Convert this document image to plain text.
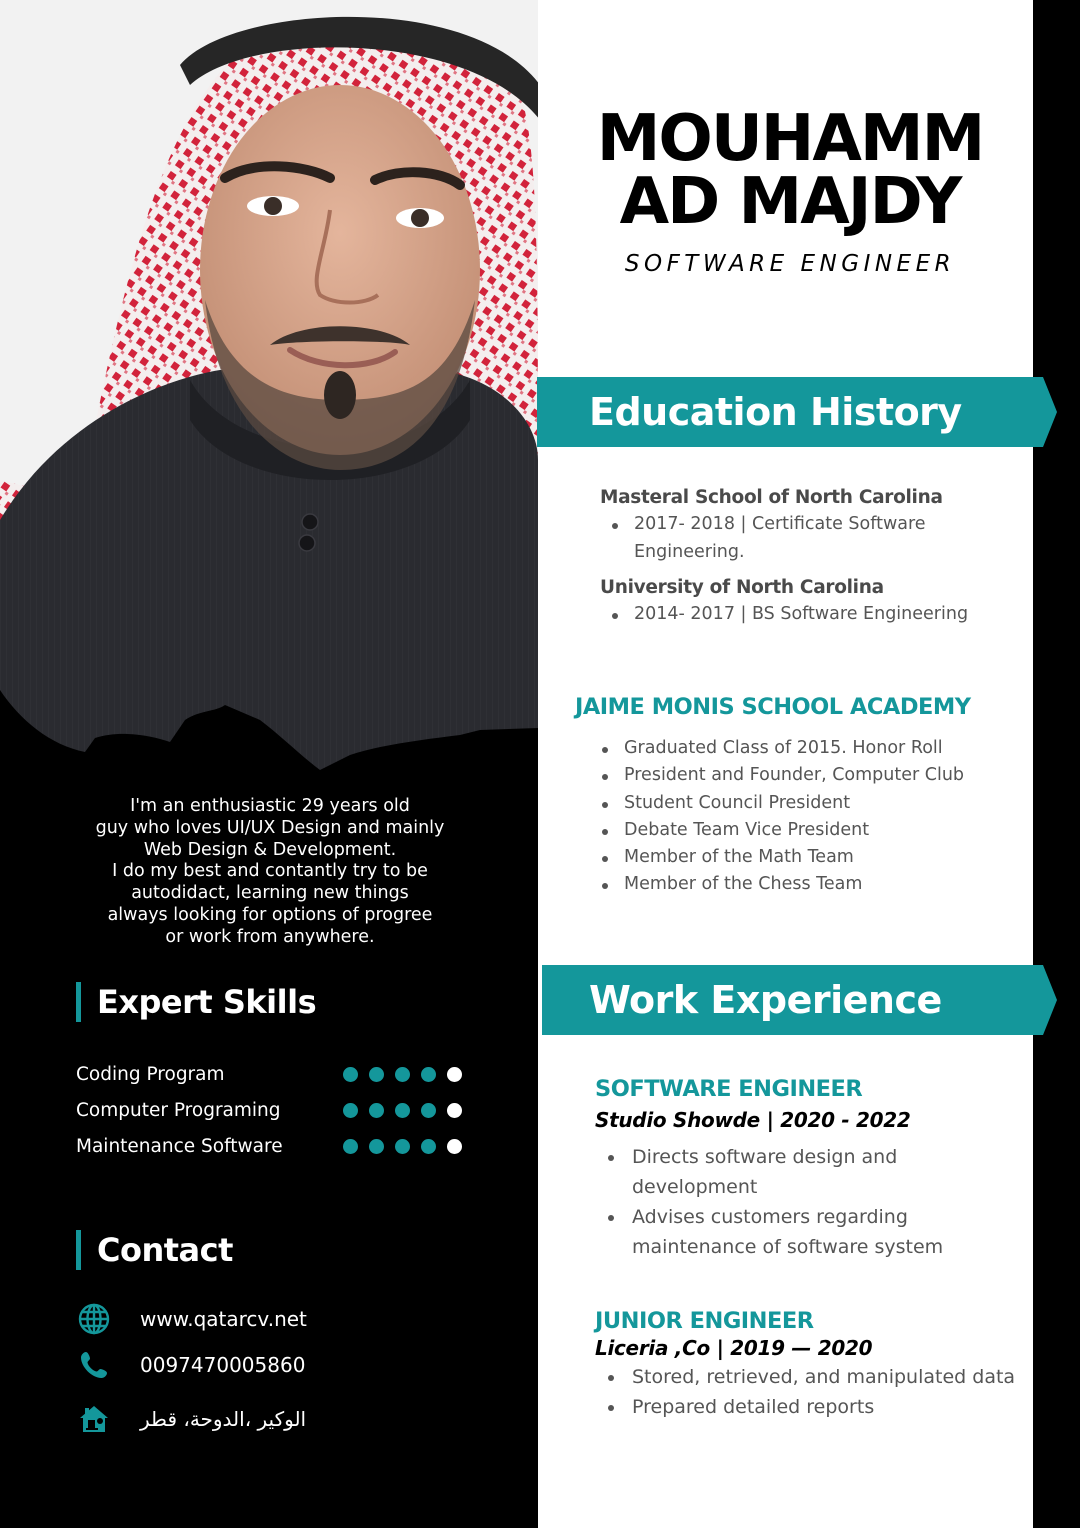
I'm an enthusiastic 29 years old
guy who loves UI/UX Design and mainly
Web Design & Development.
I do my best and contantly try to be
autodidact, learning new things
always looking for options of progree
or work from anywhere.
Expert Skills
Coding Program
Computer Programing
Maintenance Software
Contact
www.qatarcv.net
0097470005860
الوكير ،الدوحة، قطر
MOUHAMM
AD MAJDY
SOFTWARE ENGINEER
Education History
Masteral School of North Carolina
2017- 2018 | Certificate Software
Engineering.
University of North Carolina
2014- 2017 | BS Software Engineering
JAIME MONIS SCHOOL ACADEMY
Graduated Class of 2015. Honor Roll
President and Founder, Computer Club
Student Council President
Debate Team Vice President
Member of the Math Team
Member of the Chess Team
Work Experience
SOFTWARE ENGINEER
Studio Showde | 2020 - 2022
Directs software design and development
Advises customers regarding maintenance of software system
JUNIOR ENGINEER
Liceria ,Co | 2019 — 2020
Stored, retrieved, and manipulated data
Prepared detailed reports
